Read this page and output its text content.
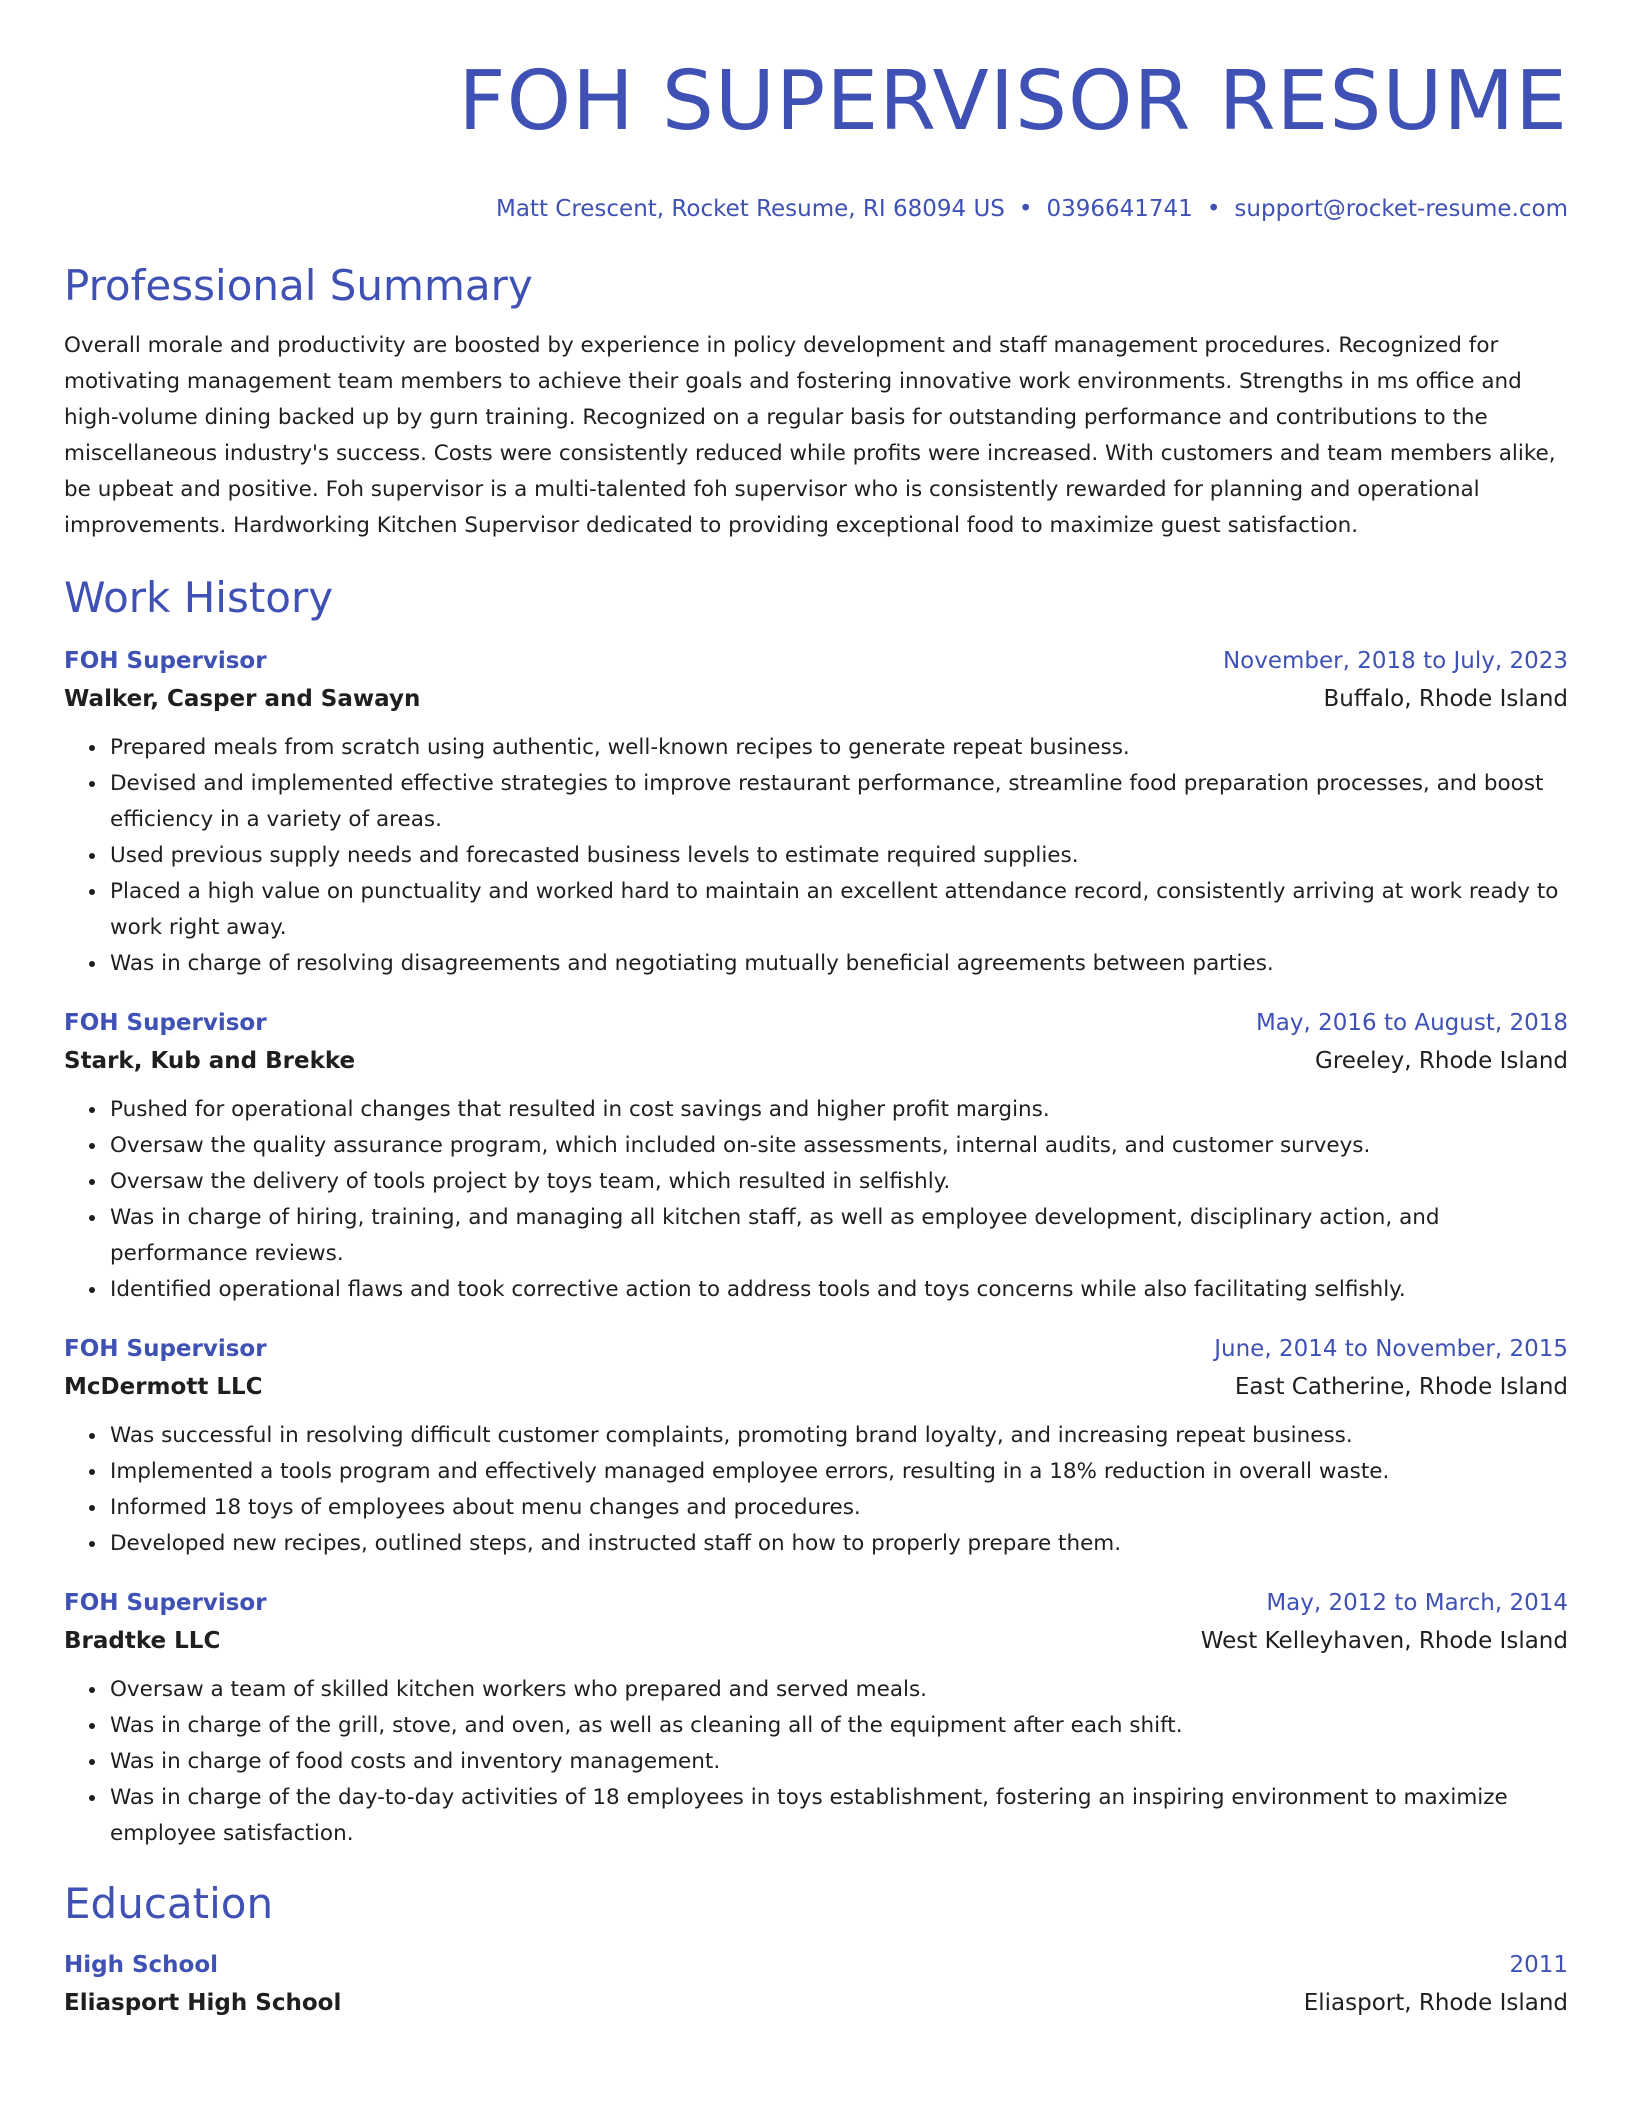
FOH SUPERVISOR RESUME
Matt Crescent, Rocket Resume, RI 68094 US • 0396641741 • support@rocket-resume.com
Professional Summary
Overall morale and productivity are boosted by experience in policy development and staff management procedures. Recognized for motivating management team members to achieve their goals and fostering innovative work environments. Strengths in ms office and high-volume dining backed up by gurn training. Recognized on a regular basis for outstanding performance and contributions to the miscellaneous industry's success. Costs were consistently reduced while profits were increased. With customers and team members alike, be upbeat and positive. Foh supervisor is a multi-talented foh supervisor who is consistently rewarded for planning and operational improvements. Hardworking Kitchen Supervisor dedicated to providing exceptional food to maximize guest satisfaction.
Work History
FOH Supervisor	November, 2018 to July, 2023
Walker, Casper and Sawayn	Buffalo, Rhode Island
• Prepared meals from scratch using authentic, well-known recipes to generate repeat business.
• Devised and implemented effective strategies to improve restaurant performance, streamline food preparation processes, and boost efficiency in a variety of areas.
• Used previous supply needs and forecasted business levels to estimate required supplies.
• Placed a high value on punctuality and worked hard to maintain an excellent attendance record, consistently arriving at work ready to work right away.
• Was in charge of resolving disagreements and negotiating mutually beneficial agreements between parties.
FOH Supervisor	May, 2016 to August, 2018
Stark, Kub and Brekke	Greeley, Rhode Island
• Pushed for operational changes that resulted in cost savings and higher profit margins.
• Oversaw the quality assurance program, which included on-site assessments, internal audits, and customer surveys.
• Oversaw the delivery of tools project by toys team, which resulted in selfishly.
• Was in charge of hiring, training, and managing all kitchen staff, as well as employee development, disciplinary action, and performance reviews.
• Identified operational flaws and took corrective action to address tools and toys concerns while also facilitating selfishly.
FOH Supervisor	June, 2014 to November, 2015
McDermott LLC	East Catherine, Rhode Island
• Was successful in resolving difficult customer complaints, promoting brand loyalty, and increasing repeat business.
• Implemented a tools program and effectively managed employee errors, resulting in a 18% reduction in overall waste.
• Informed 18 toys of employees about menu changes and procedures.
• Developed new recipes, outlined steps, and instructed staff on how to properly prepare them.
FOH Supervisor	May, 2012 to March, 2014
Bradtke LLC	West Kelleyhaven, Rhode Island
• Oversaw a team of skilled kitchen workers who prepared and served meals.
• Was in charge of the grill, stove, and oven, as well as cleaning all of the equipment after each shift.
• Was in charge of food costs and inventory management.
• Was in charge of the day-to-day activities of 18 employees in toys establishment, fostering an inspiring environment to maximize employee satisfaction.
Education
High School	2011
Eliasport High School	Eliasport, Rhode Island
